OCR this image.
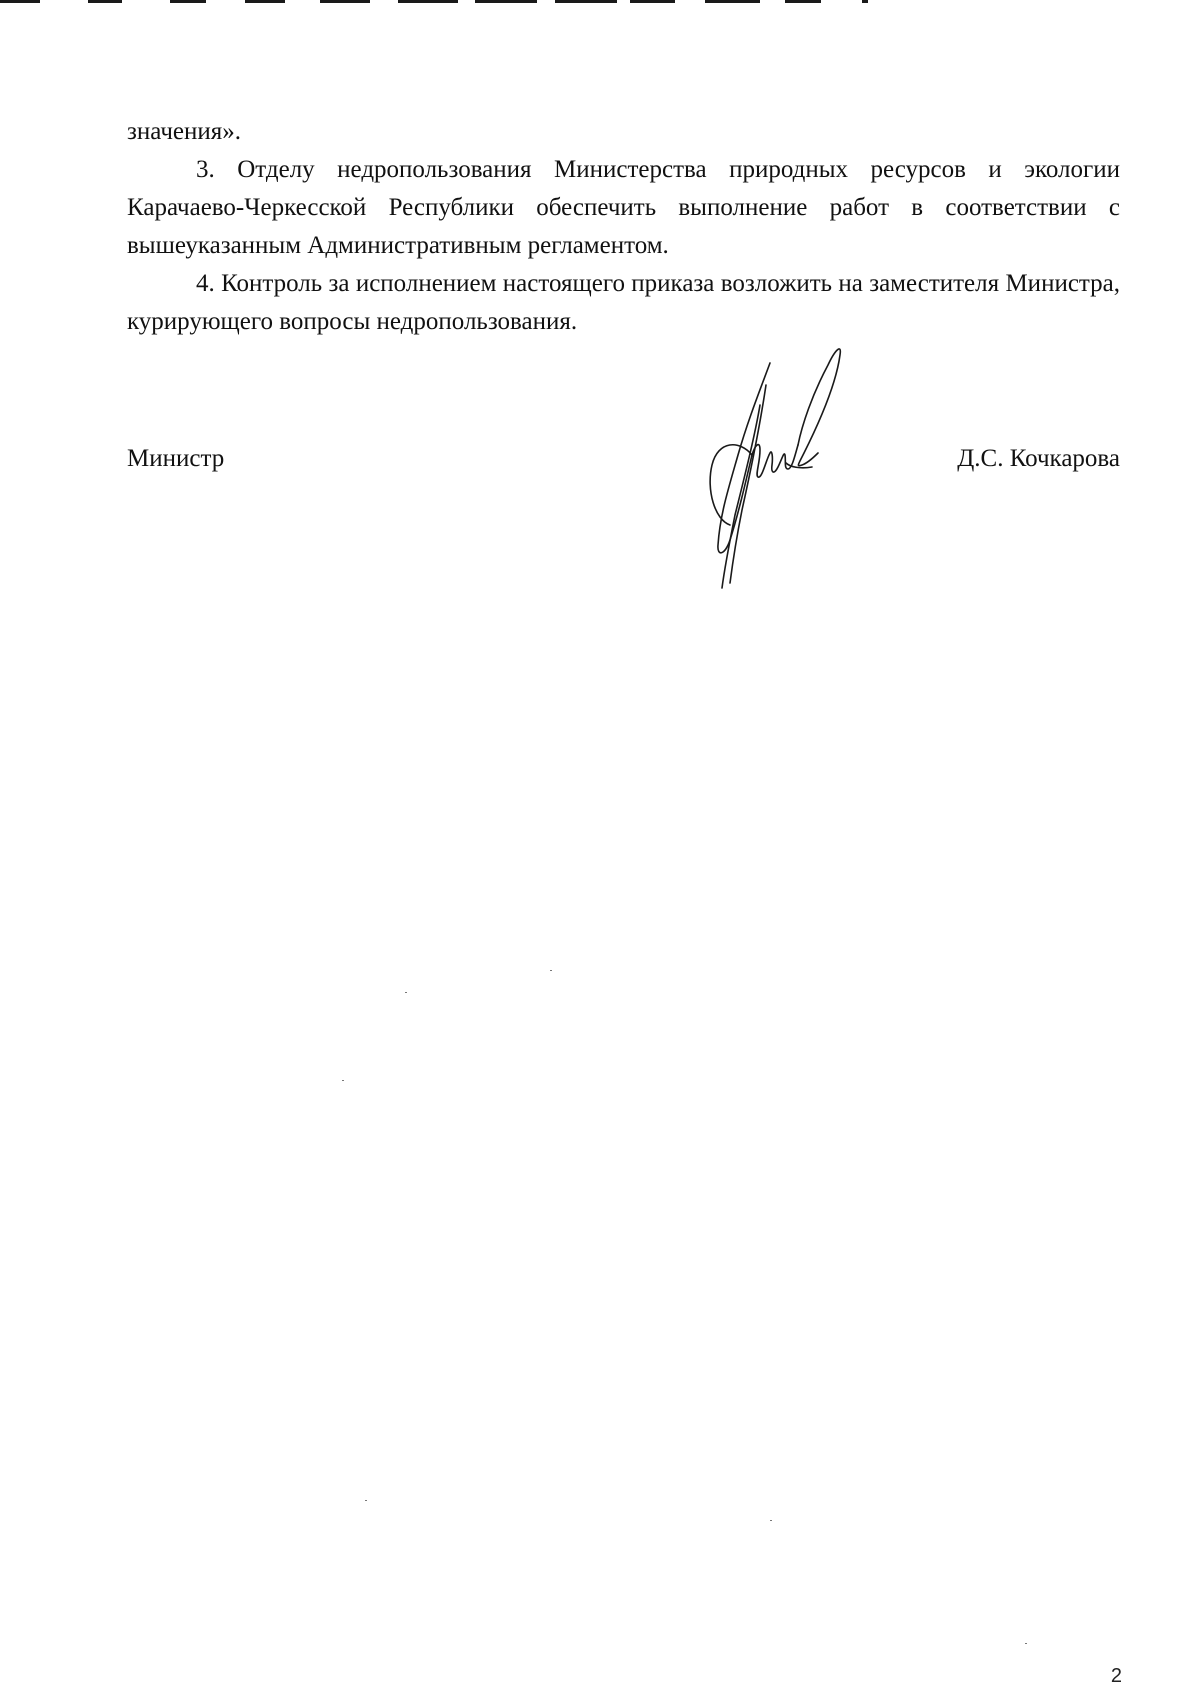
значения».

3. Отделу недропользования Министерства природных ресурсов и экологии Карачаево-Черкесской Республики обеспечить выполнение работ в соответствии с вышеуказанным Административным регламентом.

4. Контроль за исполнением настоящего приказа возложить на заместителя Министра, курирующего вопросы недропользования.

Министр	Д.С. Кочкарова
2
